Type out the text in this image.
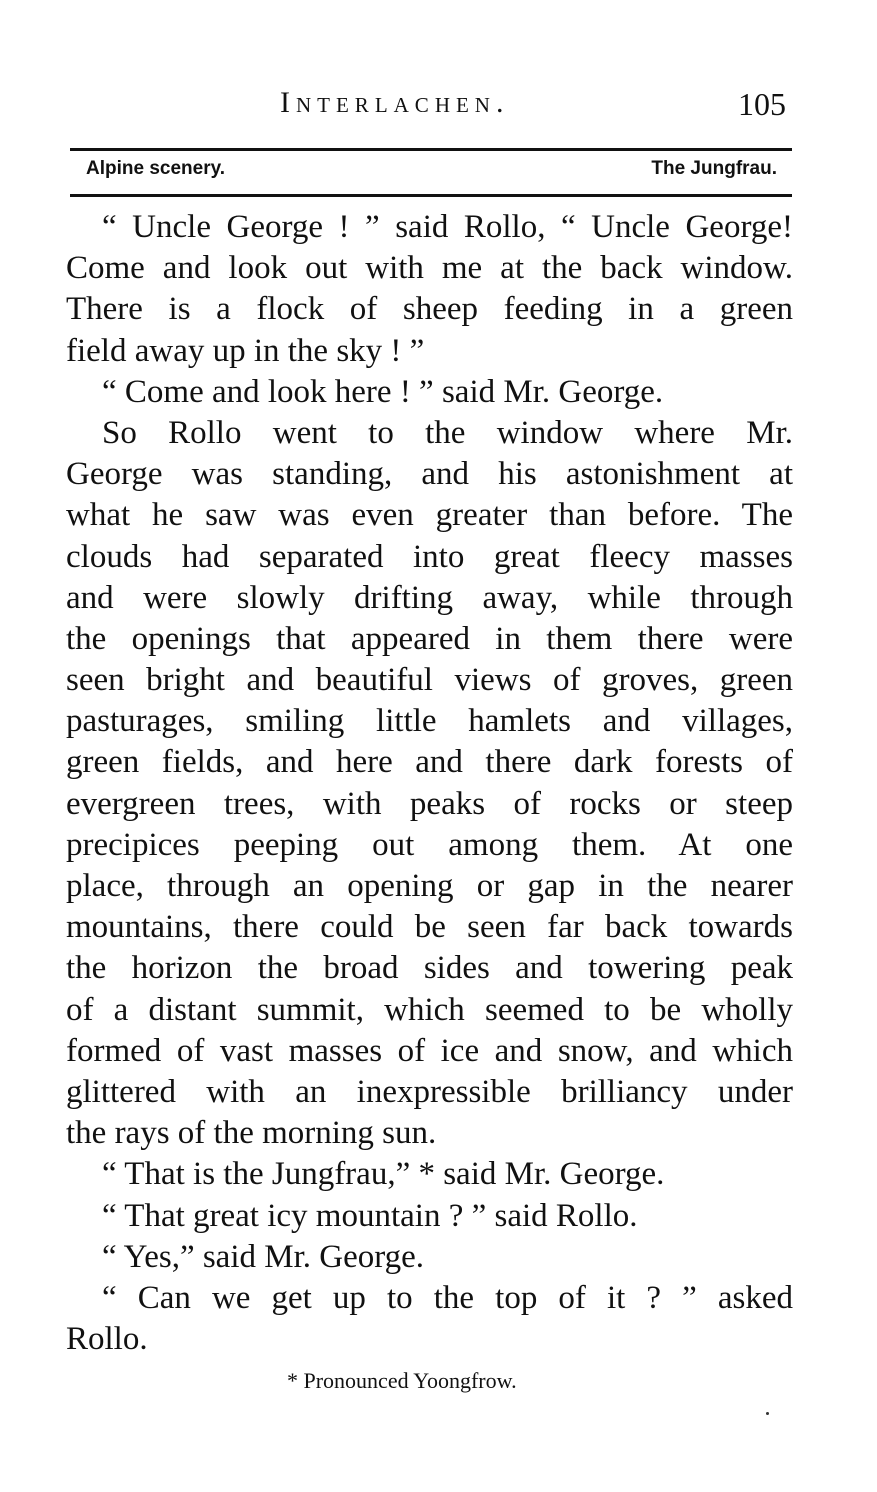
Interlachen.	105
Alpine scenery.	The Jungfrau.
“ Uncle George ! ” said Rollo, “ Uncle George!
Come and look out with me at the back window.
There is a flock of sheep feeding in a green
field away up in the sky ! ”
“ Come and look here ! ” said Mr. George.
So Rollo went to the window where Mr.
George was standing, and his astonishment at
what he saw was even greater than before. The
clouds had separated into great fleecy masses
and were slowly drifting away, while through
the openings that appeared in them there were
seen bright and beautiful views of groves, green
pasturages, smiling little hamlets and villages,
green fields, and here and there dark forests of
evergreen trees, with peaks of rocks or steep
precipices peeping out among them. At one
place, through an opening or gap in the nearer
mountains, there could be seen far back towards
the horizon the broad sides and towering peak
of a distant summit, which seemed to be wholly
formed of vast masses of ice and snow, and which
glittered with an inexpressible brilliancy under
the rays of the morning sun.
“ That is the Jungfrau,” * said Mr. George.
“ That great icy mountain ? ” said Rollo.
“ Yes,” said Mr. George.
“ Can we get up to the top of it ? ” asked
Rollo.
* Pronounced Yoongfrow.
